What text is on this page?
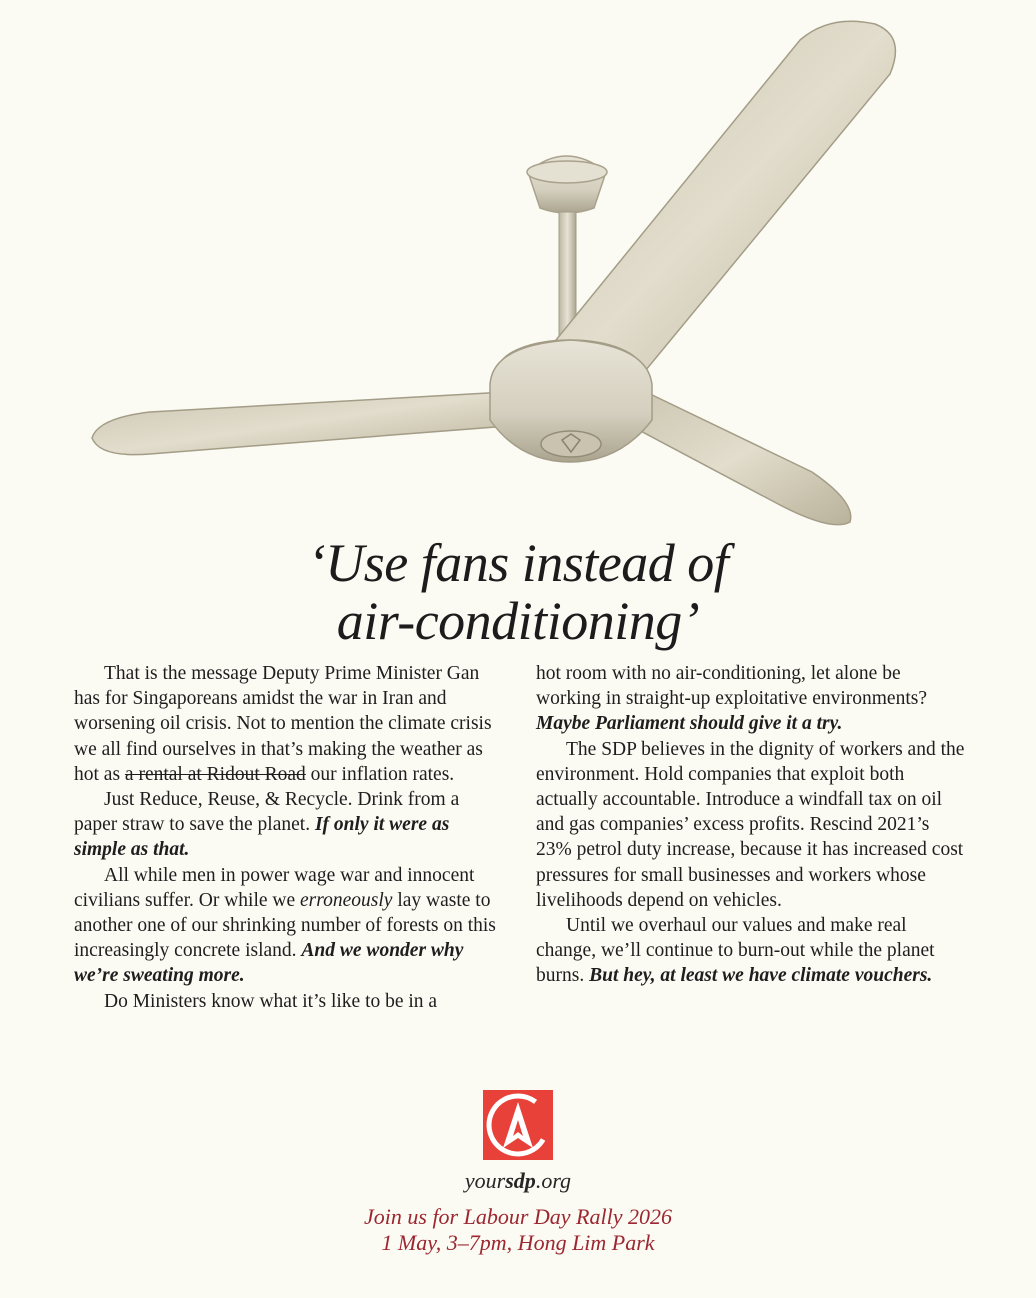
‘Use fans instead of
air-conditioning’

That is the message Deputy Prime Minister Gan has for Singaporeans amidst the war in Iran and worsening oil crisis. Not to mention the climate crisis we all find ourselves in that’s making the weather as hot as a rental at Ridout Road our inflation rates.

Just Reduce, Reuse, & Recycle. Drink from a paper straw to save the planet. If only it were as simple as that.

All while men in power wage war and innocent civilians suffer. Or while we erroneously lay waste to another one of our shrinking number of forests on this increasingly concrete island. And we wonder why we’re sweating more.

Do Ministers know what it’s like to be in a

hot room with no air-conditioning, let alone be working in straight-up exploitative environments? Maybe Parliament should give it a try.

The SDP believes in the dignity of workers and the environment. Hold companies that exploit both actually accountable. Introduce a windfall tax on oil and gas companies’ excess profits. Rescind 2021’s 23% petrol duty increase, because it has increased cost pressures for small businesses and workers whose livelihoods depend on vehicles.

Until we overhaul our values and make real change, we’ll continue to burn-out while the planet burns. But hey, at least we have climate vouchers.

yoursdp.org
Join us for Labour Day Rally 2026
1 May, 3–7pm, Hong Lim Park
